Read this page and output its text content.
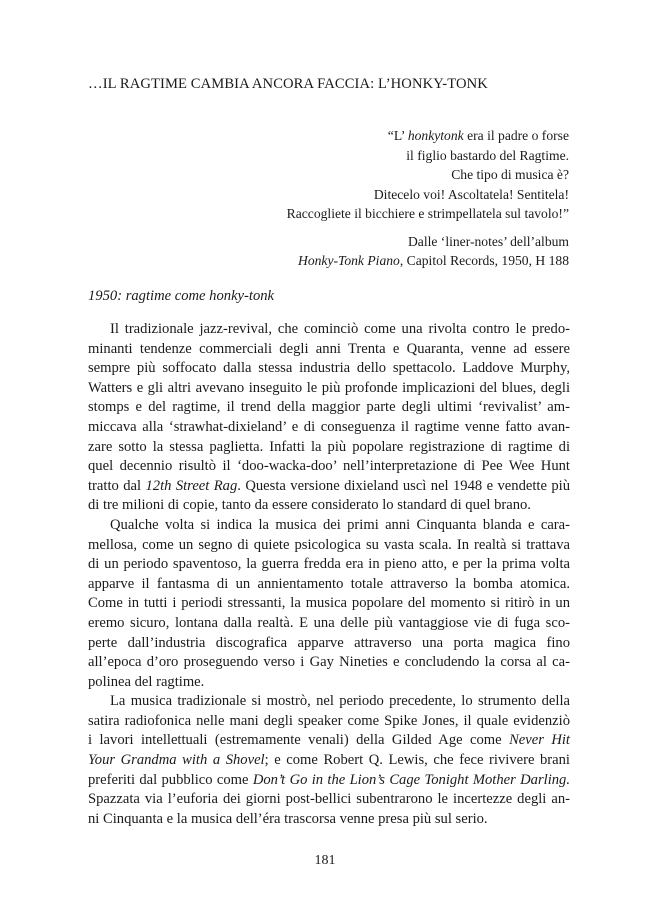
…IL RAGTIME CAMBIA ANCORA FACCIA: L’HONKY-TONK
“L’ honkytonk era il padre o forse
il figlio bastardo del Ragtime.
Che tipo di musica è?
Ditecelo voi! Ascoltatela! Sentitela!
Raccogliete il bicchiere e strimpellatela sul tavolo!”
Dalle ‘liner-notes’ dell’album
Honky-Tonk Piano, Capitol Records, 1950, H 188
1950: ragtime come honky-tonk

Il tradizionale jazz-revival, che cominciò come una rivolta contro le predo-
minanti tendenze commerciali degli anni Trenta e Quaranta, venne ad essere
sempre più soffocato dalla stessa industria dello spettacolo. Laddove Murphy,
Watters e gli altri avevano inseguito le più profonde implicazioni del blues, degli
stomps e del ragtime, il trend della maggior parte degli ultimi ‘revivalist’ am-
miccava alla ‘strawhat-dixieland’ e di conseguenza il ragtime venne fatto avan-
zare sotto la stessa paglietta. Infatti la più popolare registrazione di ragtime di
quel decennio risultò il ‘doo-wacka-doo’ nell’interpretazione di Pee Wee Hunt
tratto dal 12th Street Rag. Questa versione dixieland uscì nel 1948 e vendette più
di tre milioni di copie, tanto da essere considerato lo standard di quel brano.

Qualche volta si indica la musica dei primi anni Cinquanta blanda e cara-
mellosa, come un segno di quiete psicologica su vasta scala. In realtà si trattava
di un periodo spaventoso, la guerra fredda era in pieno atto, e per la prima volta
apparve il fantasma di un annientamento totale attraverso la bomba atomica.
Come in tutti i periodi stressanti, la musica popolare del momento si ritirò in un
eremo sicuro, lontana dalla realtà. E una delle più vantaggiose vie di fuga sco-
perte dall’industria discografica apparve attraverso una porta magica fino
all’epoca d’oro proseguendo verso i Gay Nineties e concludendo la corsa al ca-
polinea del ragtime.

La musica tradizionale si mostrò, nel periodo precedente, lo strumento della
satira radiofonica nelle mani degli speaker come Spike Jones, il quale evidenziò
i lavori intellettuali (estremamente venali) della Gilded Age come Never Hit
Your Grandma with a Shovel; e come Robert Q. Lewis, che fece rivivere brani
preferiti dal pubblico come Don’t Go in the Lion’s Cage Tonight Mother Darling.
Spazzata via l’euforia dei giorni post-bellici subentrarono le incertezze degli an-
ni Cinquanta e la musica dell’éra trascorsa venne presa più sul serio.

181
